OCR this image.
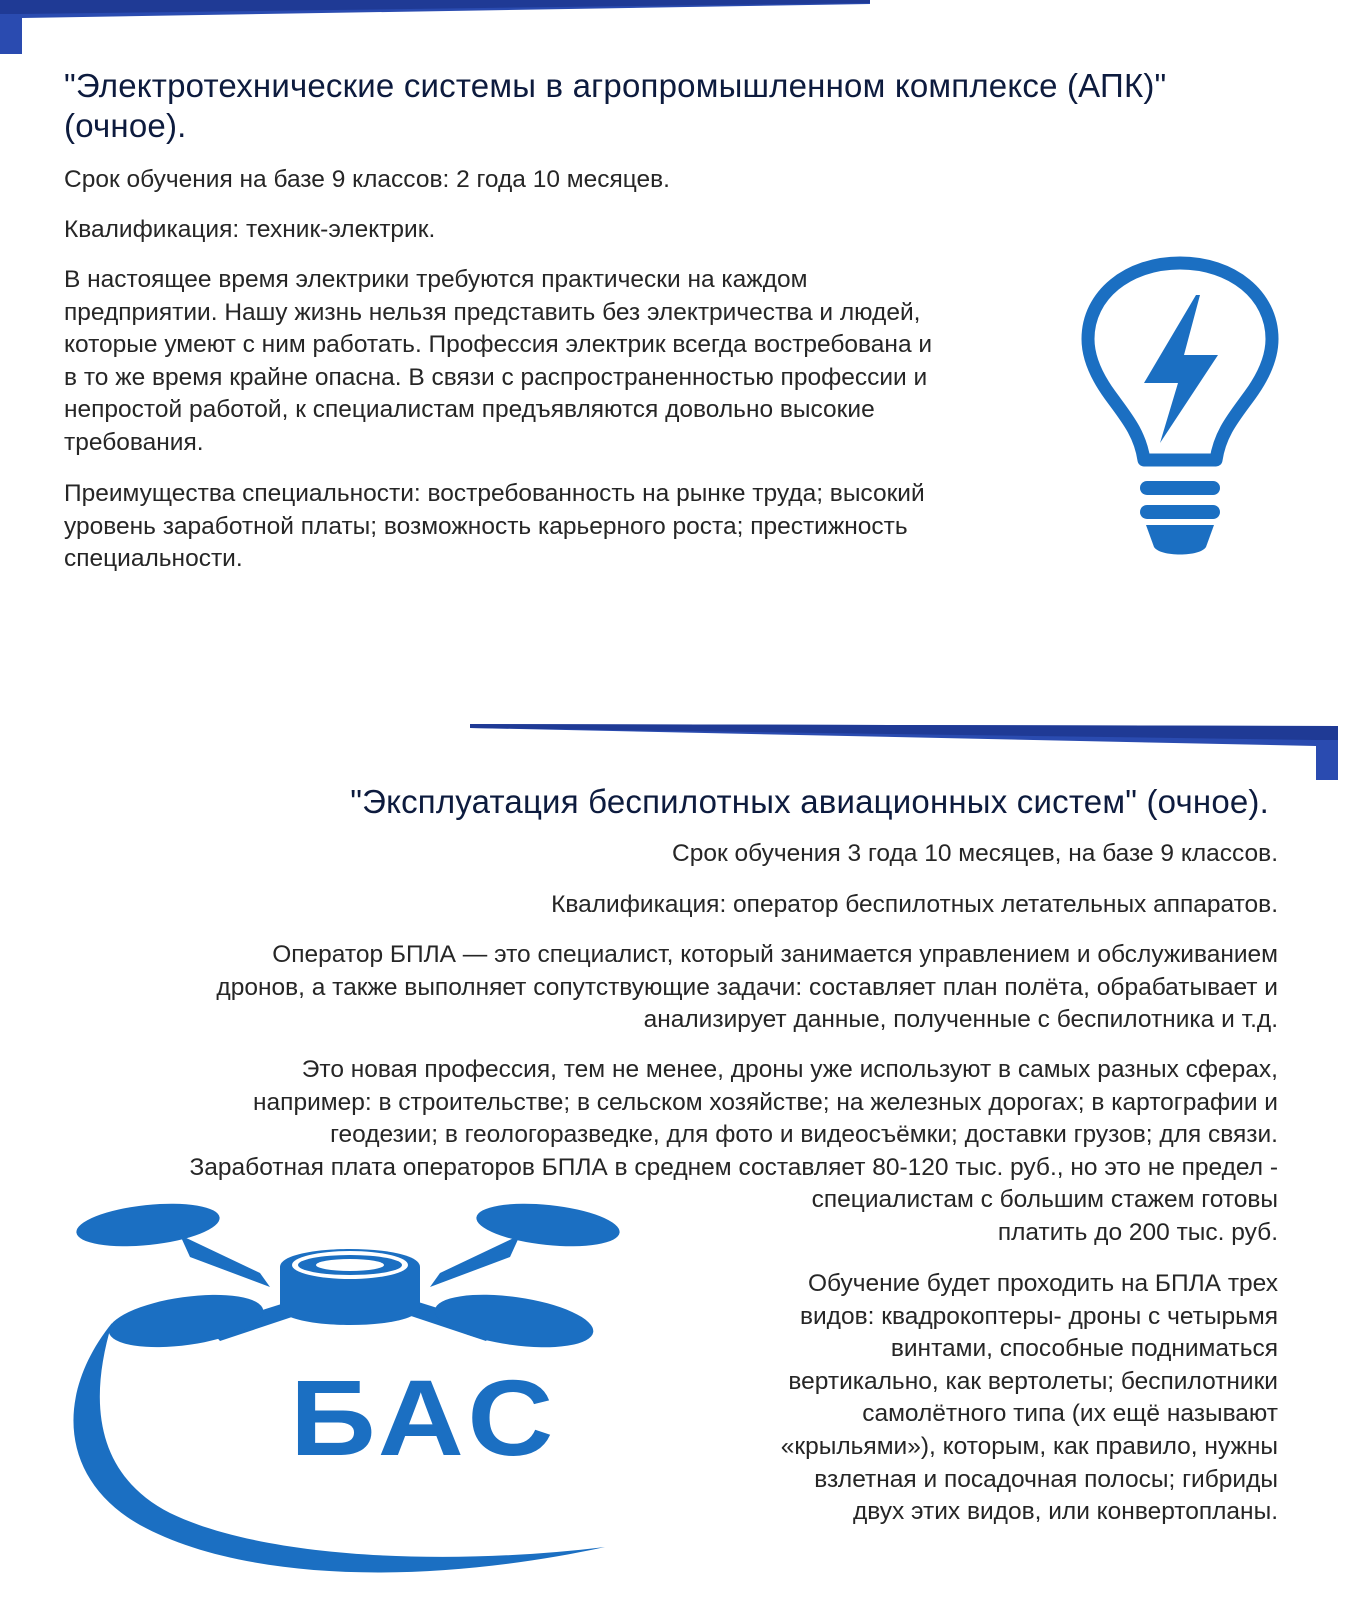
"Электротехнические системы в агропромышленном комплексе (АПК)"
(очное).

Срок обучения на базе 9 классов: 2 года 10 месяцев.

Квалификация: техник-электрик.

В настоящее время электрики требуются практически на каждом
предприятии. Нашу жизнь нельзя представить без электричества и людей,
которые умеют с ним работать. Профессия электрик всегда востребована и
в то же время крайне опасна. В связи с распространенностью профессии и
непростой работой, к специалистам предъявляются довольно высокие
требования.
Преимущества специальности: востребованность на рынке труда; высокий
уровень заработной платы; возможность карьерного роста; престижность
специальности.
"Эксплуатация беспилотных авиационных систем" (очное).

Срок обучения 3 года 10 месяцев, на базе 9 классов.

Квалификация: оператор беспилотных летательных аппаратов.

Оператор БПЛА — это специалист, который занимается управлением и обслуживанием
дронов, а также выполняет сопутствующие задачи: составляет план полёта, обрабатывает и
анализирует данные, полученные с беспилотника и т.д.
Это новая профессия, тем не менее, дроны уже используют в самых разных сферах,
например: в строительстве; в сельском хозяйстве; на железных дорогах; в картографии и
геодезии; в геологоразведке, для фото и видеосъёмки; доставки грузов; для связи.
Заработная плата операторов БПЛА в среднем составляет 80-120 тыс. руб., но это не предел -
специалистам с большим стажем готовы
платить до 200 тыс. руб.
Обучение будет проходить на БПЛА трех
видов: квадрокоптеры- дроны с четырьмя
винтами, способные подниматься
вертикально, как вертолеты; беспилотники
самолётного типа (их ещё называют
«крыльями»), которым, как правило, нужны
взлетная и посадочная полосы; гибриды
двух этих видов, или конвертопланы.
БАС
